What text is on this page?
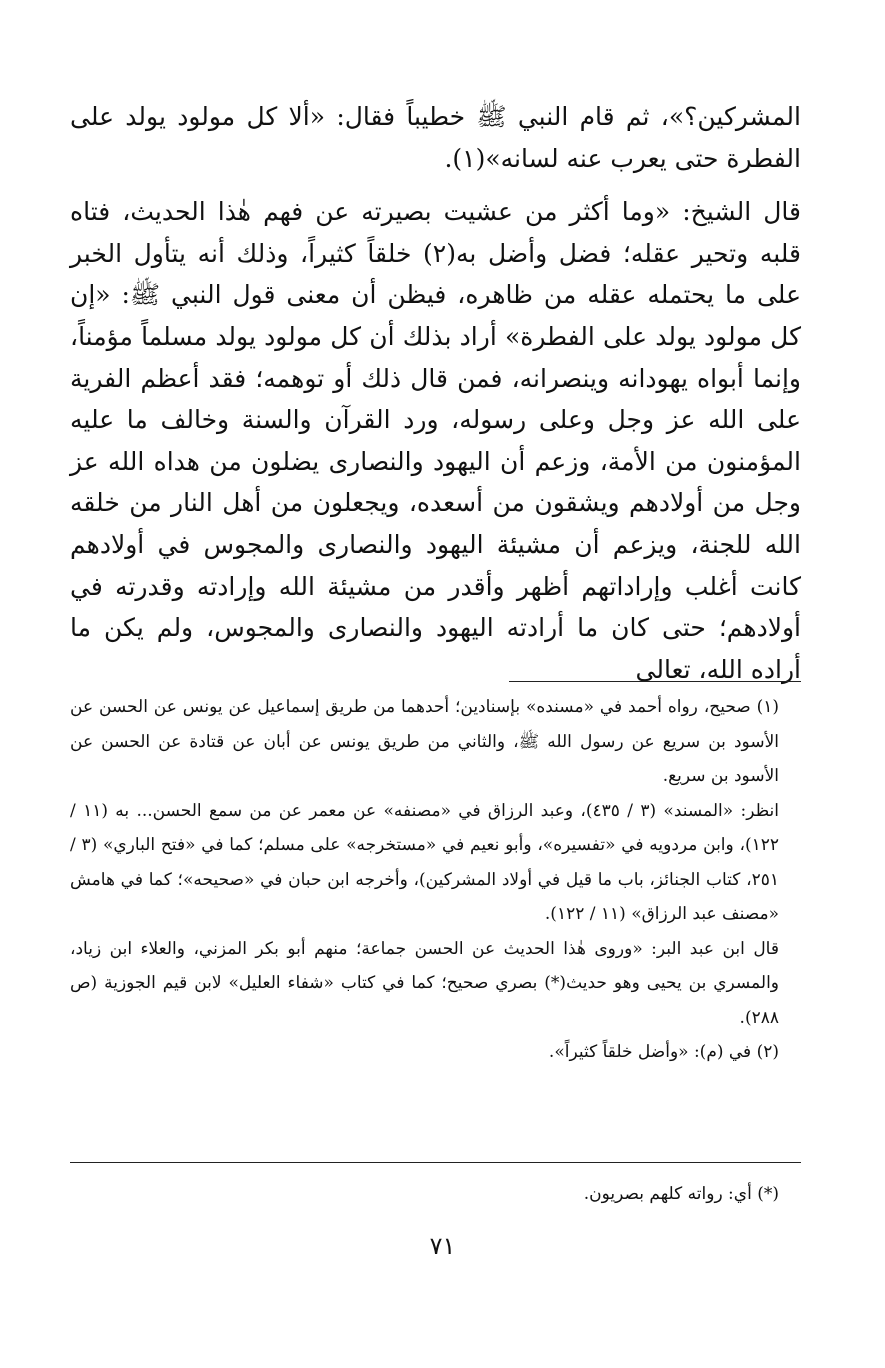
المشركين؟»، ثم قام النبي ﷺ خطيباً فقال: «ألا كل مولود يولد على الفطرة حتى يعرب عنه لسانه»(١).

قال الشيخ: «وما أكثر من عشيت بصيرته عن فهم هٰذا الحديث، فتاه قلبه وتحير عقله؛ فضل وأضل به(٢) خلقاً كثيراً، وذلك أنه يتأول الخبر على ما يحتمله عقله من ظاهره، فيظن أن معنى قول النبي ﷺ: «إن كل مولود يولد على الفطرة» أراد بذلك أن كل مولود يولد مسلماً مؤمناً، وإنما أبواه يهودانه وينصرانه، فمن قال ذلك أو توهمه؛ فقد أعظم الفرية على الله عز وجل وعلى رسوله، ورد القرآن والسنة وخالف ما عليه المؤمنون من الأمة، وزعم أن اليهود والنصارى يضلون من هداه الله عز وجل من أولادهم ويشقون من أسعده، ويجعلون من أهل النار من خلقه الله للجنة، ويزعم أن مشيئة اليهود والنصارى والمجوس في أولادهم كانت أغلب وإراداتهم أظهر وأقدر من مشيئة الله وإرادته وقدرته في أولادهم؛ حتى كان ما أرادته اليهود والنصارى والمجوس، ولم يكن ما أراده الله، تعالى

(١) صحيح، رواه أحمد في «مسنده» بإسنادين؛ أحدهما من طريق إسماعيل عن يونس عن الحسن عن الأسود بن سريع عن رسول الله ﷺ، والثاني من طريق يونس عن أبان عن قتادة عن الحسن عن الأسود بن سريع.

انظر: «المسند» (٣ / ٤٣٥)، وعبد الرزاق في «مصنفه» عن معمر عن من سمع الحسن... به (١١ / ١٢٢)، وابن مردويه في «تفسيره»، وأبو نعيم في «مستخرجه» على مسلم؛ كما في «فتح الباري» (٣ / ٢٥١، كتاب الجنائز، باب ما قيل في أولاد المشركين)، وأخرجه ابن حبان في «صحيحه»؛ كما في هامش «مصنف عبد الرزاق» (١١ / ١٢٢).

قال ابن عبد البر: «وروى هٰذا الحديث عن الحسن جماعة؛ منهم أبو بكر المزني، والعلاء ابن زياد، والمسري بن يحيى وهو حديث(*) بصري صحيح؛ كما في كتاب «شفاء العليل» لابن قيم الجوزية (ص ٢٨٨).

(٢) في (م): «وأضل خلقاً كثيراً».

(*) أي: رواته كلهم بصريون.
٧١
